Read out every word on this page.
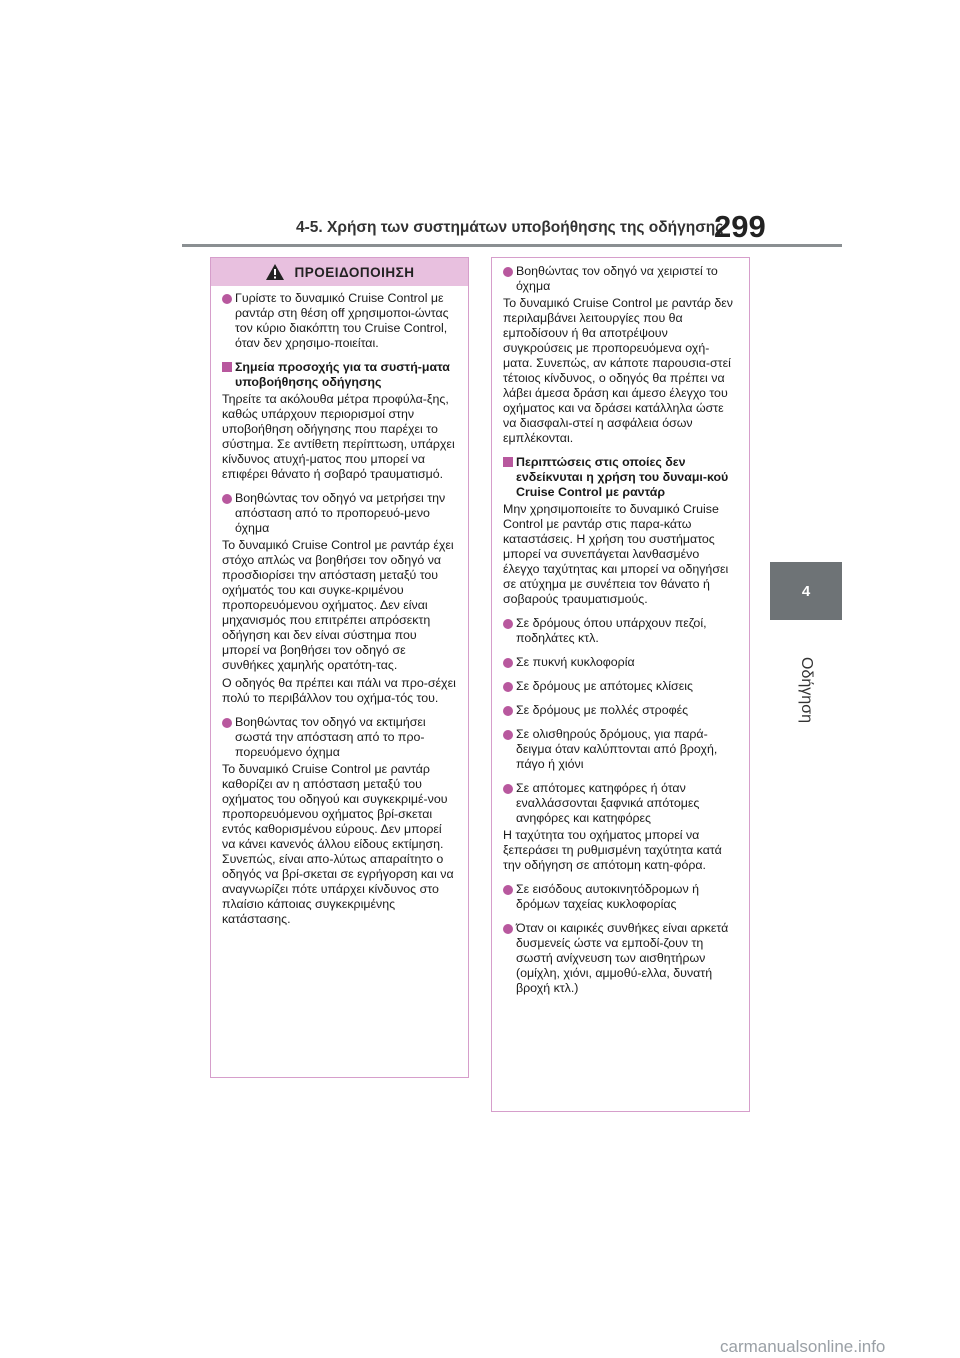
4-5. Χρήση των συστημάτων υποβοήθησης της οδήγησης
299
4
Οδήγηση
ΠΡΟΕΙΔΟΠΟΙΗΣΗ

Γυρίστε το δυναμικό Cruise Control με ραντάρ στη θέση off χρησιμοποι-ώντας τον κύριο διακόπτη του Cruise Control, όταν δεν χρησιμο-ποιείται.

Σημεία προσοχής για τα συστή-ματα υποβοήθησης οδήγησης

Τηρείτε τα ακόλουθα μέτρα προφύλα-ξης, καθώς υπάρχουν περιορισμοί στην υποβοήθηση οδήγησης που παρέχει το σύστημα. Σε αντίθετη περίπτωση, υπάρχει κίνδυνος ατυχή-ματος που μπορεί να επιφέρει θάνατο ή σοβαρό τραυματισμό.

Βοηθώντας τον οδηγό να μετρήσει την απόσταση από το προπορευό-μενο όχημα

Το δυναμικό Cruise Control με ραντάρ έχει στόχο απλώς να βοηθήσει τον οδηγό να προσδιορίσει την απόσταση μεταξύ του οχήματός του και συγκε-κριμένου προπορευόμενου οχήματος. Δεν είναι μηχανισμός που επιτρέπει απρόσεκτη οδήγηση και δεν είναι σύστημα που μπορεί να βοηθήσει τον οδηγό σε συνθήκες χαμηλής ορατότη-τας.

Ο οδηγός θα πρέπει και πάλι να προ-σέχει πολύ το περιβάλλον του οχήμα-τός του.

Βοηθώντας τον οδηγό να εκτιμήσει σωστά την απόσταση από το προ-πορευόμενο όχημα

Το δυναμικό Cruise Control με ραντάρ καθορίζει αν η απόσταση μεταξύ του οχήματος του οδηγού και συγκεκριμέ-νου προπορευόμενου οχήματος βρί-σκεται εντός καθορισμένου εύρους. Δεν μπορεί να κάνει κανενός άλλου είδους εκτίμηση. Συνεπώς, είναι απο-λύτως απαραίτητο ο οδηγός να βρί-σκεται σε εγρήγορση και να αναγνωρίζει πότε υπάρχει κίνδυνος στο πλαίσιο κάποιας συγκεκριμένης κατάστασης.

Βοηθώντας τον οδηγό να χειριστεί το όχημα

Το δυναμικό Cruise Control με ραντάρ δεν περιλαμβάνει λειτουργίες που θα εμποδίσουν ή θα αποτρέψουν συγκρούσεις με προπορευόμενα οχή-ματα. Συνεπώς, αν κάποτε παρουσια-στεί τέτοιος κίνδυνος, ο οδηγός θα πρέπει να λάβει άμεσα δράση και άμεσο έλεγχο του οχήματος και να δράσει κατάλληλα ώστε να διασφαλι-στεί η ασφάλεια όσων εμπλέκονται.

Περιπτώσεις στις οποίες δεν ενδείκνυται η χρήση του δυναμι-κού Cruise Control με ραντάρ

Μην χρησιμοποιείτε το δυναμικό Cruise Control με ραντάρ στις παρα-κάτω καταστάσεις. Η χρήση του συστήματος μπορεί να συνεπάγεται λανθασμένο έλεγχο ταχύτητας και μπορεί να οδηγήσει σε ατύχημα με συνέπεια τον θάνατο ή σοβαρούς τραυματισμούς.

Σε δρόμους όπου υπάρχουν πεζοί, ποδηλάτες κτλ.

Σε πυκνή κυκλοφορία

Σε δρόμους με απότομες κλίσεις

Σε δρόμους με πολλές στροφές

Σε ολισθηρούς δρόμους, για παρά-δειγμα όταν καλύπτονται από βροχή, πάγο ή χιόνι

Σε απότομες κατηφόρες ή όταν εναλλάσσονται ξαφνικά απότομες ανηφόρες και κατηφόρες

Η ταχύτητα του οχήματος μπορεί να ξεπεράσει τη ρυθμισμένη ταχύτητα κατά την οδήγηση σε απότομη κατη-φόρα.

Σε εισόδους αυτοκινητόδρομων ή δρόμων ταχείας κυκλοφορίας

Όταν οι καιρικές συνθήκες είναι αρκετά δυσμενείς ώστε να εμποδί-ζουν τη σωστή ανίχνευση των αισθητήρων (ομίχλη, χιόνι, αμμοθύ-ελλα, δυνατή βροχή κτλ.)

carmanualsonline.info
